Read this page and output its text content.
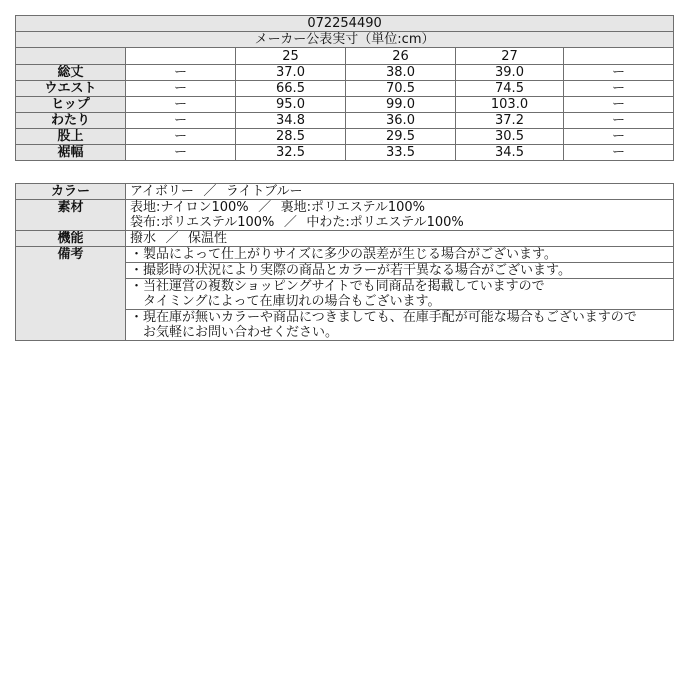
072254490					
メーカー公表実寸（単位:cm）					
		25	26	27	
総丈	ー	37.0	38.0	39.0	ー
ウエスト	ー	66.5	70.5	74.5	ー
ヒップ	ー	95.0	99.0	103.0	ー
わたり	ー	34.8	36.0	37.2	ー
股上	ー	28.5	29.5	30.5	ー
裾幅	ー	32.5	33.5	34.5	ー
カラー	アイボリー ／ ライトブルー
素材	表地:ナイロン100% ／ 裏地:ポリエステル100%
袋布:ポリエステル100% ／ 中わた:ポリエステル100%

機能	撥水 ／ 保温性
備考	・製品によって仕上がりサイズに多少の誤差が生じる場合がございます。

	・撮影時の状況により実際の商品とカラーが若干異なる場合がございます。

	・当社運営の複数ショッピングサイトでも同商品を掲載していますので
　タイミングによって在庫切れの場合もございます。

	・現在庫が無いカラーや商品につきましても、在庫手配が可能な場合もございますので
　お気軽にお問い合わせください。
